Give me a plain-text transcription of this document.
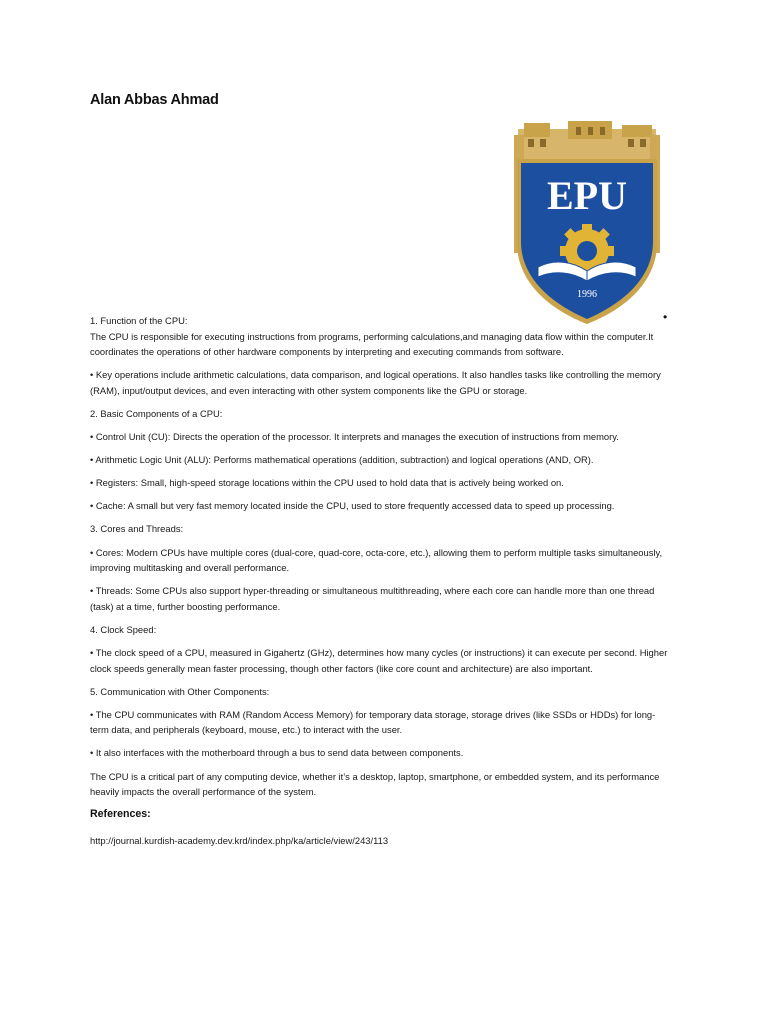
Alan Abbas Ahmad
EPU
1996
•

1. Function of the CPU:

The CPU is responsible for executing instructions from programs, performing calculations,and managing data flow within the computer.It coordinates the operations of other hardware components by interpreting and executing commands from software.

• Key operations include arithmetic calculations, data comparison, and logical operations. It also handles tasks like controlling the memory (RAM), input/output devices, and even interacting with other system components like the GPU or storage.

2. Basic Components of a CPU:

• Control Unit (CU): Directs the operation of the processor. It interprets and manages the execution of instructions from memory.

• Arithmetic Logic Unit (ALU): Performs mathematical operations (addition, subtraction) and logical operations (AND, OR).

• Registers: Small, high-speed storage locations within the CPU used to hold data that is actively being worked on.

• Cache: A small but very fast memory located inside the CPU, used to store frequently accessed data to speed up processing.

3. Cores and Threads:

• Cores: Modern CPUs have multiple cores (dual-core, quad-core, octa-core, etc.), allowing them to perform multiple tasks simultaneously, improving multitasking and overall performance.

• Threads: Some CPUs also support hyper-threading or simultaneous multithreading, where each core can handle more than one thread (task) at a time, further boosting performance.

4. Clock Speed:

• The clock speed of a CPU, measured in Gigahertz (GHz), determines how many cycles (or instructions) it can execute per second. Higher clock speeds generally mean faster processing, though other factors (like core count and architecture) are also important.

5. Communication with Other Components:

• The CPU communicates with RAM (Random Access Memory) for temporary data storage, storage drives (like SSDs or HDDs) for long-term data, and peripherals (keyboard, mouse, etc.) to interact with the user.

• It also interfaces with the motherboard through a bus to send data between components.

The CPU is a critical part of any computing device, whether it’s a desktop, laptop, smartphone, or embedded system, and its performance heavily impacts the overall performance of the system.

References:

http://journal.kurdish-academy.dev.krd/index.php/ka/article/view/243/113
